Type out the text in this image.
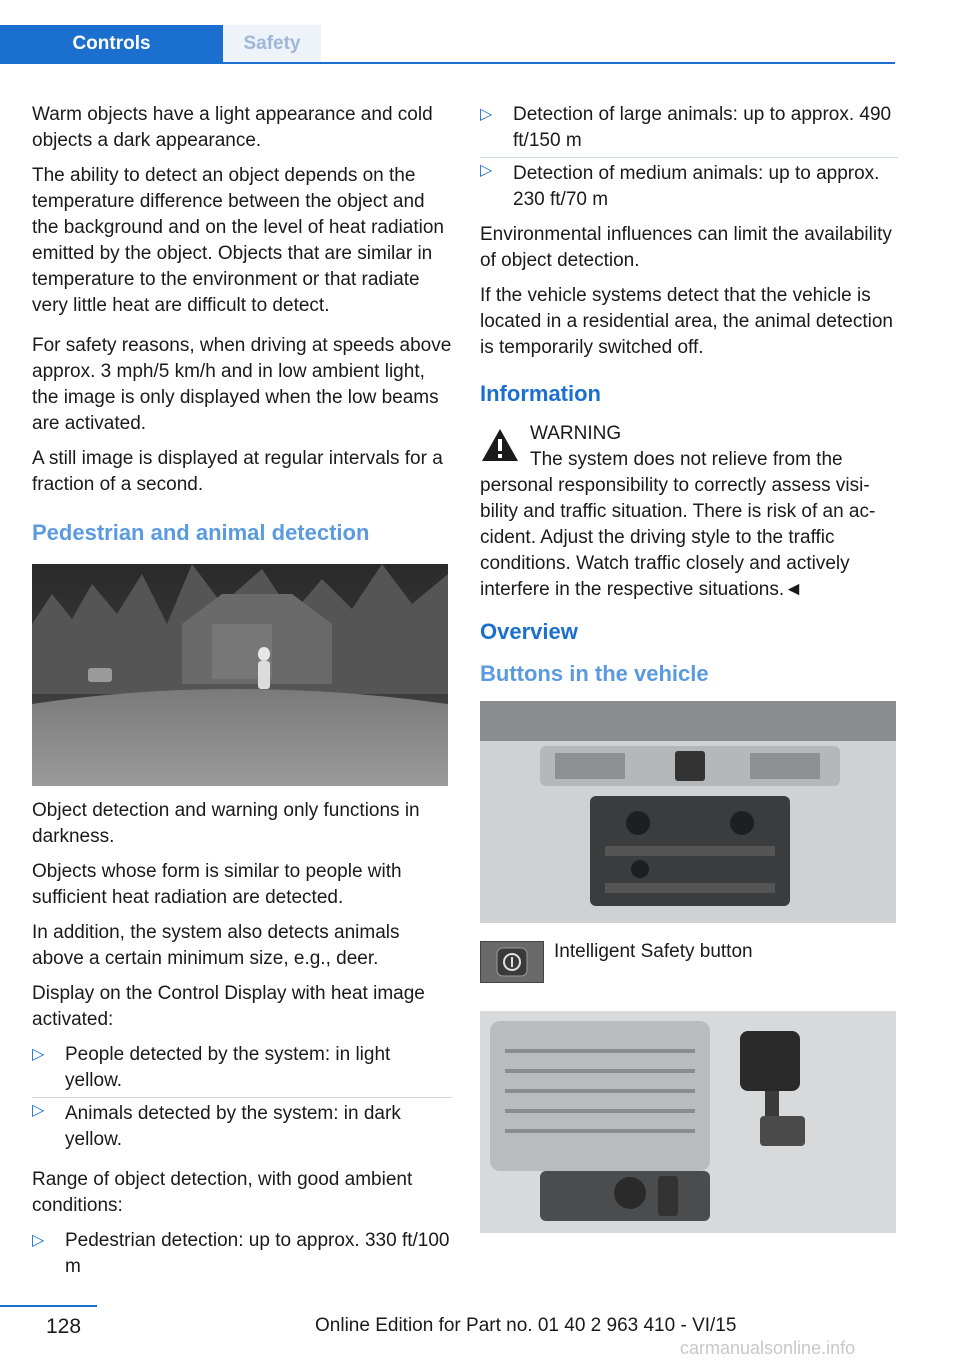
Controls	Safety

Warm objects have a light appearance and cold objects a dark appearance.

The ability to detect an object depends on the temperature difference between the object and the background and on the level of heat radiation emitted by the object. Objects that are similar in temperature to the environment or that radiate very little heat are difficult to detect.

For safety reasons, when driving at speeds above approx. 3 mph/5 km/h and in low ambient light, the image is only displayed when the low beams are activated.

A still image is displayed at regular intervals for a fraction of a second.

Pedestrian and animal detection

Object detection and warning only functions in darkness.

Objects whose form is similar to people with sufficient heat radiation are detected.

In addition, the system also detects animals above a certain minimum size, e.g., deer.

Display on the Control Display with heat image activated:

▷ People detected by the system: in light yellow.
▷ Animals detected by the system: in dark yellow.

Range of object detection, with good ambient conditions:

▷ Pedestrian detection: up to approx. 330 ft/100 m
▷ Detection of large animals: up to approx. 490 ft/150 m
▷ Detection of medium animals: up to approx. 230 ft/70 m

Environmental influences can limit the availability of object detection.

If the vehicle systems detect that the vehicle is located in a residential area, the animal detection is temporarily switched off.

Information
WARNING
The system does not relieve from the

personal responsibility to correctly assess visibility and traffic situation. There is risk of an accident. Adjust the driving style to the traffic conditions. Watch traffic closely and actively interfere in the respective situations.◄

Overview
Buttons in the vehicle
Intelligent Safety button
128	Online Edition for Part no. 01 40 2 963 410 - VI/15
carmanualsonline.info
